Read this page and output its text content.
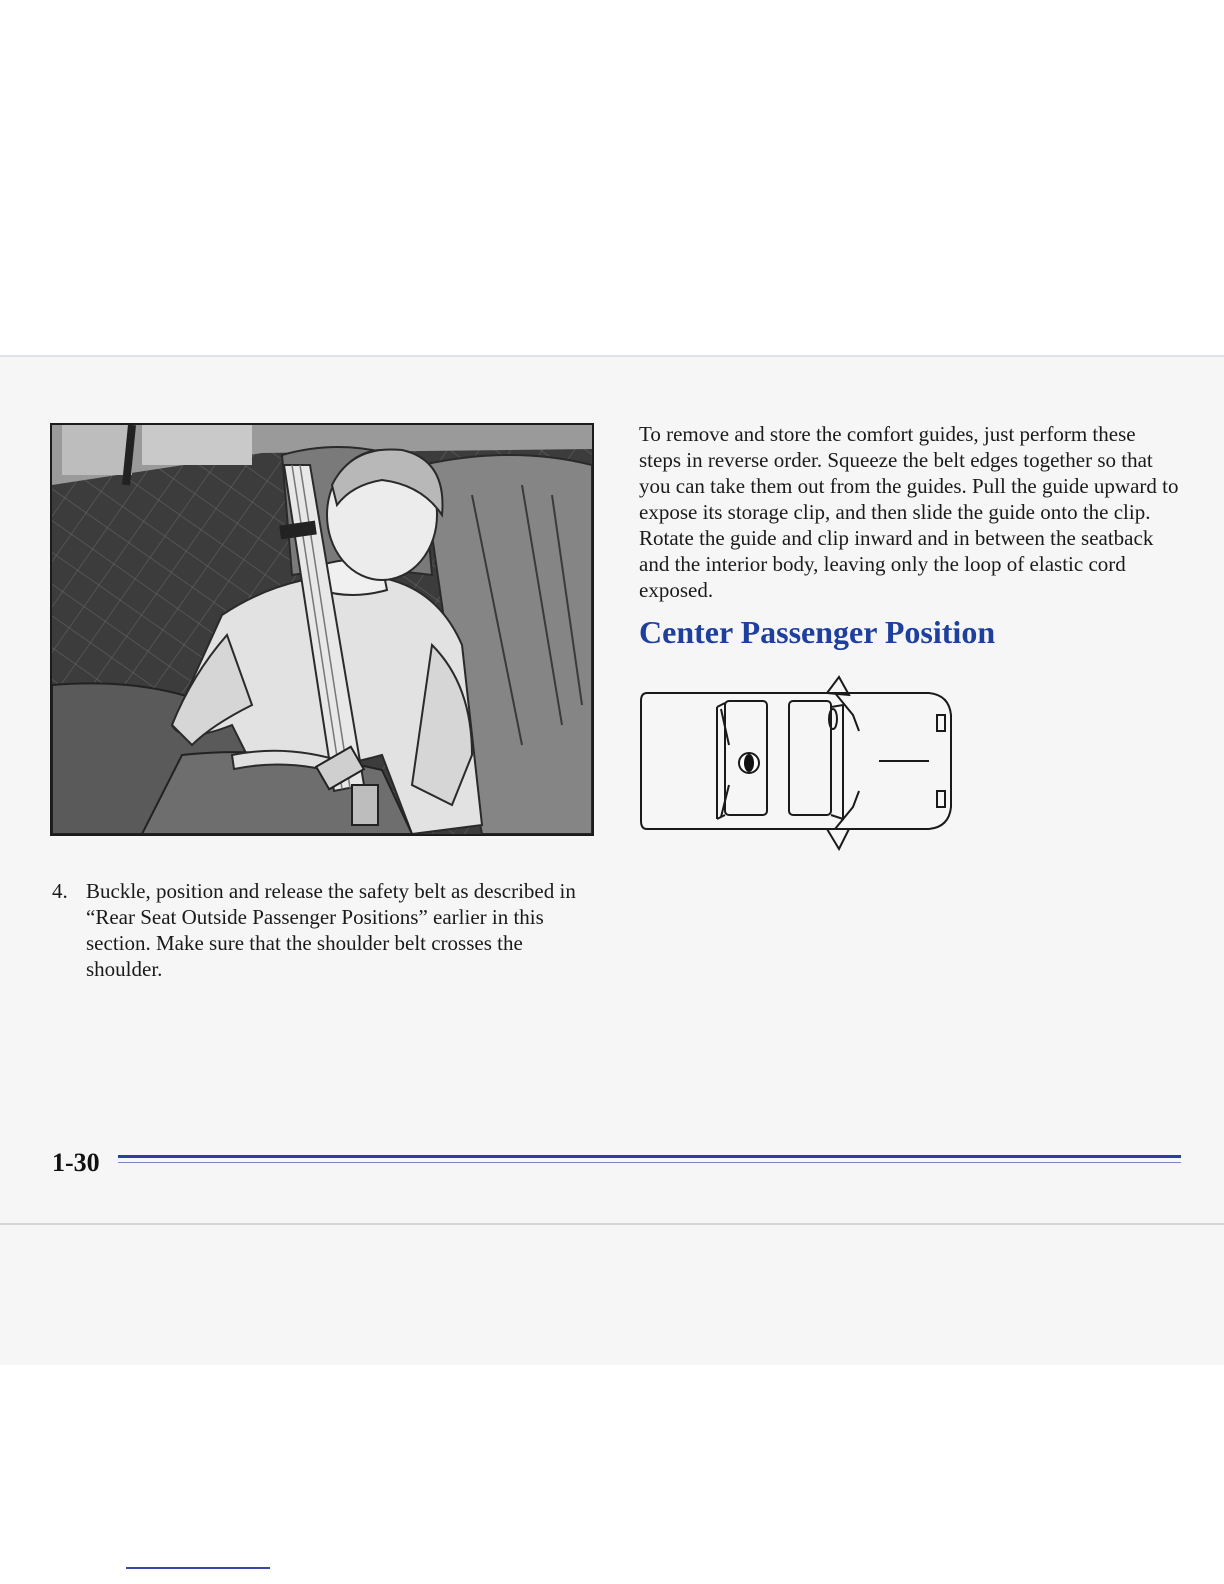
4. Buckle, position and release the safety belt as described in “Rear Seat Outside Passenger Positions” earlier in this section. Make sure that the shoulder belt crosses the shoulder.
To remove and store the comfort guides, just perform these steps in reverse order. Squeeze the belt edges together so that you can take them out from the guides. Pull the guide upward to expose its storage clip, and then slide the guide onto the clip. Rotate the guide and clip inward and in between the seatback and the interior body, leaving only the loop of elastic cord exposed.
Center Passenger Position
1-30
